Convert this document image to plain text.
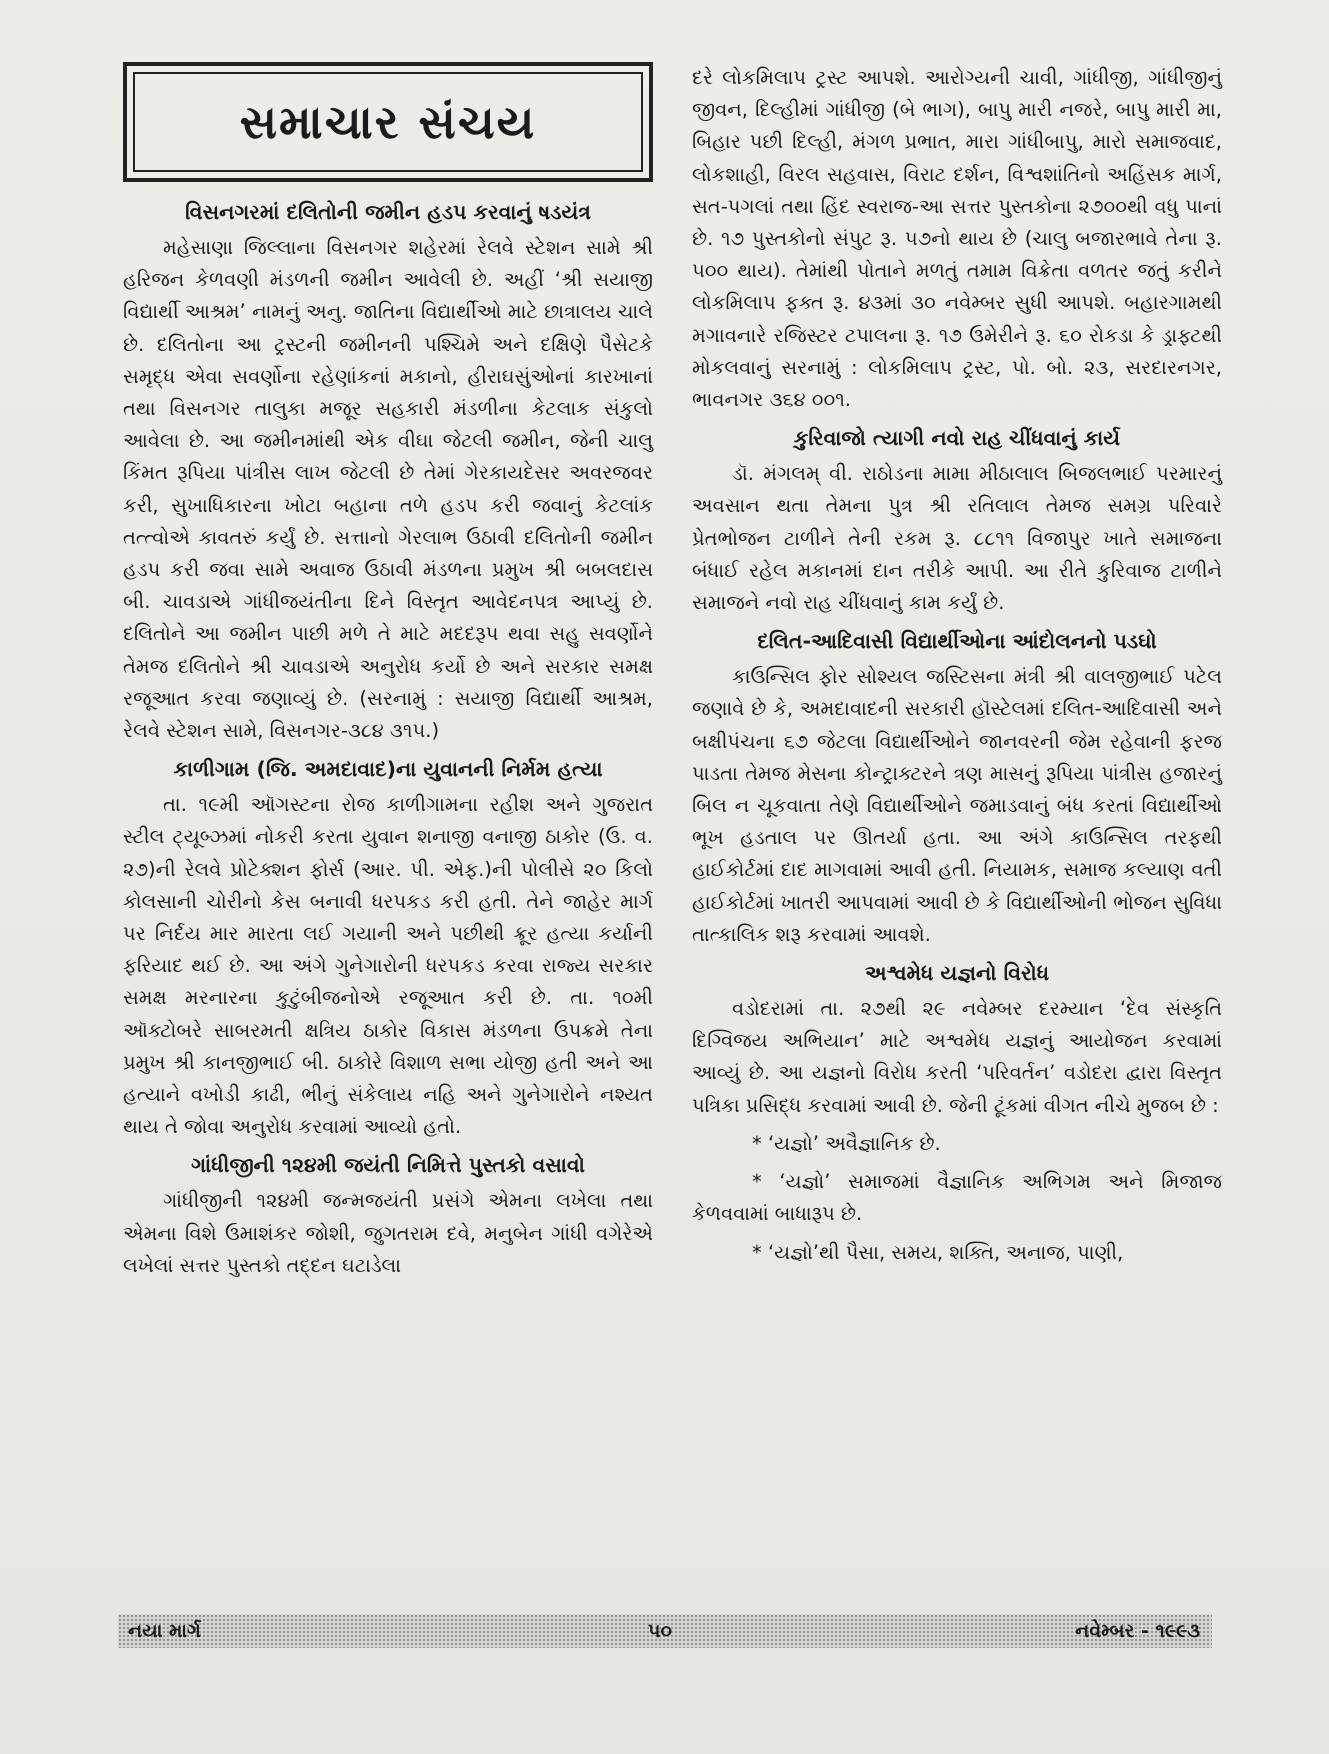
સમાચાર સંચય
વિસનગરમાં દલિતોની જમીન હડપ કરવાનું ષડયંત્ર

મહેસાણા જિલ્લાના વિસનગર શહેરમાં રેલવે સ્ટેશન સામે શ્રી હરિજન કેળવણી મંડળની જમીન આવેલી છે. અહીં ‘શ્રી સયાજી વિદ્યાર્થી આશ્રમ’ નામનું અનુ. જાતિના વિદ્યાર્થીઓ માટે છાત્રાલય ચાલે છે. દલિતોના આ ટ્રસ્ટની જમીનની પશ્ચિમે અને દક્ષિણે પૈસેટકે સમૃદ્ધ એવા સવર્ણોના રહેણાંકનાં મકાનો, હીરાઘસુંઓનાં કારખાનાં તથા વિસનગર તાલુકા મજૂર સહકારી મંડળીના કેટલાક સંકુલો આવેલા છે. આ જમીનમાંથી એક વીઘા જેટલી જમીન, જેની ચાલુ કિંમત રૂપિયા પાંત્રીસ લાખ જેટલી છે તેમાં ગેરકાયદેસર અવરજવર કરી, સુખાધિકારના ખોટા બહાના તળે હડપ કરી જવાનું કેટલાંક તત્ત્વોએ કાવતરું કર્યું છે. સત્તાનો ગેરલાભ ઉઠાવી દલિતોની જમીન હડપ કરી જવા સામે અવાજ ઉઠાવી મંડળના પ્રમુખ શ્રી બબલદાસ બી. ચાવડાએ ગાંધીજયંતીના દિને વિસ્તૃત આવેદનપત્ર આપ્યું છે. દલિતોને આ જમીન પાછી મળે તે માટે મદદરૂપ થવા સહુ સવર્ણોને તેમજ દલિતોને શ્રી ચાવડાએ અનુરોધ કર્યો છે અને સરકાર સમક્ષ રજૂઆત કરવા જણાવ્યું છે. (સરનામું : સયાજી વિદ્યાર્થી આશ્રમ, રેલવે સ્ટેશન સામે, વિસનગર-૩૮૪ ૩૧૫.)

કાળીગામ (જિ. અમદાવાદ)ના યુવાનની નિર્મમ હત્યા

તા. ૧૯મી ઑગસ્ટના રોજ કાળીગામના રહીશ અને ગુજરાત સ્ટીલ ટ્યૂબ્ઝમાં નોકરી કરતા યુવાન શનાજી વનાજી ઠાકોર (ઉ. વ. ૨૭)ની રેલવે પ્રોટેક્શન ફોર્સ (આર. પી. એફ.)ની પોલીસે ૨૦ કિલો કોલસાની ચોરીનો કેસ બનાવી ધરપકડ કરી હતી. તેને જાહેર માર્ગ પર નિર્દય માર મારતા લઈ ગયાની અને પછીથી ક્રૂર હત્યા કર્યાની ફરિયાદ થઈ છે. આ અંગે ગુનેગારોની ધરપકડ કરવા રાજ્ય સરકાર સમક્ષ મરનારના કુટુંબીજનોએ રજૂઆત કરી છે. તા. ૧૦મી ઑક્ટોબરે સાબરમતી ક્ષત્રિય ઠાકોર વિકાસ મંડળના ઉપક્રમે તેના પ્રમુખ શ્રી કાનજીભાઈ બી. ઠાકોરે વિશાળ સભા યોજી હતી અને આ હત્યાને વખોડી કાઢી, ભીનું સંકેલાય નહિ અને ગુનેગારોને નશ્યત થાય તે જોવા અનુરોધ કરવામાં આવ્યો હતો.

ગાંધીજીની ૧૨૪મી જયંતી નિમિત્તે પુસ્તકો વસાવો

ગાંધીજીની ૧૨૪મી જન્મજયંતી પ્રસંગે એમના લખેલા તથા એમના વિશે ઉમાશંકર જોશી, જુગતરામ દવે, મનુબેન ગાંધી વગેરેએ લખેલાં સત્તર પુસ્તકો તદ્દન ઘટાડેલા

દરે લોકમિલાપ ટ્રસ્ટ આપશે. આરોગ્યની ચાવી, ગાંધીજી, ગાંધીજીનું જીવન, દિલ્હીમાં ગાંધીજી (બે ભાગ), બાપુ મારી નજરે, બાપુ મારી મા, બિહાર પછી દિલ્હી, મંગળ પ્રભાત, મારા ગાંધીબાપુ, મારો સમાજવાદ, લોકશાહી, વિરલ સહવાસ, વિરાટ દર્શન, વિશ્વશાંતિનો અહિંસક માર્ગ, સત-પગલાં તથા હિંદ સ્વરાજ-આ સત્તર પુસ્તકોના ૨૭૦૦થી વધુ પાનાં છે. ૧૭ પુસ્તકોનો સંપુટ રૂ. ૫૭નો થાય છે (ચાલુ બજારભાવે તેના રૂ. ૫૦૦ થાય). તેમાંથી પોતાને મળતું તમામ વિક્રેતા વળતર જતું કરીને લોકમિલાપ ફક્ત રૂ. ૪૩માં ૩૦ નવેમ્બર સુધી આપશે. બહારગામથી મગાવનારે રજિસ્ટર ટપાલના રૂ. ૧૭ ઉમેરીને રૂ. ૬૦ રોકડા કે ડ્રાફ્ટથી મોકલવાનું સરનામું : લોકમિલાપ ટ્રસ્ટ, પો. બો. ૨૩, સરદારનગર, ભાવનગર ૩૬૪ ૦૦૧.

કુરિવાજો ત્યાગી નવો રાહ ચીંધવાનું કાર્ય

ડૉ. મંગલમ્ વી. રાઠોડના મામા મીઠાલાલ બિજલભાઈ પરમારનું અવસાન થતા તેમના પુત્ર શ્રી રતિલાલ તેમજ સમગ્ર પરિવારે પ્રેતભોજન ટાળીને તેની રકમ રૂ. ૮૮૧૧ વિજાપુર ખાતે સમાજના બંધાઈ રહેલ મકાનમાં દાન તરીકે આપી. આ રીતે કુરિવાજ ટાળીને સમાજને નવો રાહ ચીંધવાનું કામ કર્યું છે.

દલિત-આદિવાસી વિદ્યાર્થીઓના આંદોલનનો પડઘો

કાઉન્સિલ ફોર સોશ્યલ જસ્ટિસના મંત્રી શ્રી વાલજીભાઈ પટેલ જણાવે છે કે, અમદાવાદની સરકારી હૉસ્ટેલમાં દલિત-આદિવાસી અને બક્ષીપંચના ૬૭ જેટલા વિદ્યાર્થીઓને જાનવરની જેમ રહેવાની ફરજ પાડતા તેમજ મેસના કોન્ટ્રાક્ટરને ત્રણ માસનું રૂપિયા પાંત્રીસ હજારનું બિલ ન ચૂકવાતા તેણે વિદ્યાર્થીઓને જમાડવાનું બંધ કરતાં વિદ્યાર્થીઓ ભૂખ હડતાલ પર ઊતર્યા હતા. આ અંગે કાઉન્સિલ તરફથી હાઈકોર્ટમાં દાદ માગવામાં આવી હતી. નિયામક, સમાજ કલ્યાણ વતી હાઈકોર્ટમાં ખાતરી આપવામાં આવી છે કે વિદ્યાર્થીઓની ભોજન સુવિધા તાત્કાલિક શરૂ કરવામાં આવશે.

અશ્વમેધ યજ્ઞનો વિરોધ

વડોદરામાં તા. ૨૭થી ૨૯ નવેમ્બર દરમ્યાન ‘દેવ સંસ્કૃતિ દિગ્વિજય અભિયાન’ માટે અશ્વમેધ યજ્ઞનું આયોજન કરવામાં આવ્યું છે. આ યજ્ઞનો વિરોધ કરતી ‘પરિવર્તન’ વડોદરા દ્વારા વિસ્તૃત પત્રિકા પ્રસિદ્ધ કરવામાં આવી છે. જેની ટૂંકમાં વીગત નીચે મુજબ છે :

* ‘યજ્ઞો’ અવૈજ્ઞાનિક છે.

* ‘યજ્ઞો’ સમાજમાં વૈજ્ઞાનિક અભિગમ અને મિજાજ કેળવવામાં બાધારૂપ છે.

* ‘યજ્ઞો’થી પૈસા, સમય, શક્તિ, અનાજ, પાણી,

નયા માર્ગ	૫૦	નવેમ્બર - ૧૯૯૩
